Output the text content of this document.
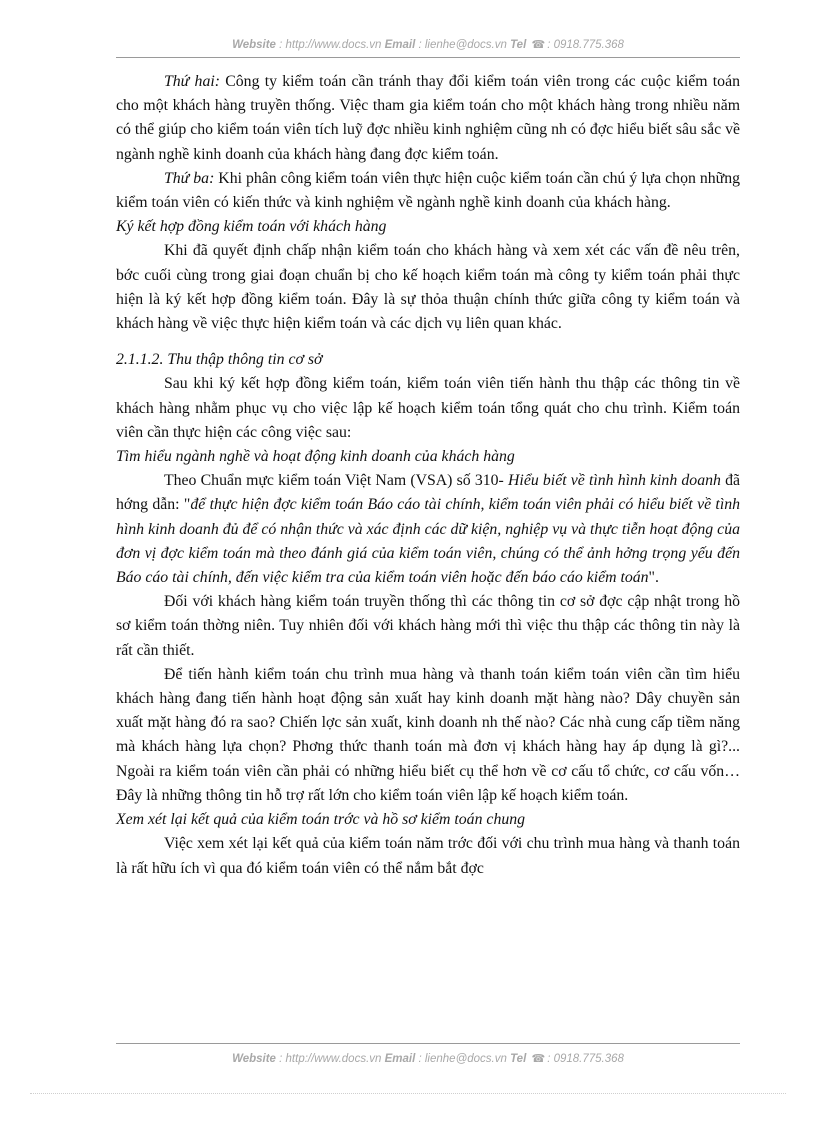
Website : http://www.docs.vn Email : lienhe@docs.vn Tel ☎ : 0918.775.368

Thứ hai: Công ty kiểm toán cần tránh thay đổi kiểm toán viên trong các cuộc kiểm toán cho một khách hàng truyền thống. Việc tham gia kiểm toán cho một khách hàng trong nhiều năm có thể giúp cho kiểm toán viên tích luỹ đợc nhiều kinh nghiệm cũng nh có đợc hiểu biết sâu sắc về ngành nghề kinh doanh của khách hàng đang đợc kiểm toán.

Thứ ba: Khi phân công kiểm toán viên thực hiện cuộc kiểm toán cần chú ý lựa chọn những kiểm toán viên có kiến thức và kinh nghiệm về ngành nghề kinh doanh của khách hàng.

Ký kết hợp đồng kiểm toán với khách hàng

Khi đã quyết định chấp nhận kiểm toán cho khách hàng và xem xét các vấn đề nêu trên, bớc cuối cùng trong giai đoạn chuẩn bị cho kế hoạch kiểm toán mà công ty kiểm toán phải thực hiện là ký kết hợp đồng kiểm toán. Đây là sự thỏa thuận chính thức giữa công ty kiểm toán và khách hàng về việc thực hiện kiểm toán và các dịch vụ liên quan khác.

2.1.1.2. Thu thập thông tin cơ sở

Sau khi ký kết hợp đồng kiểm toán, kiểm toán viên tiến hành thu thập các thông tin về khách hàng nhằm phục vụ cho việc lập kế hoạch kiểm toán tổng quát cho chu trình. Kiểm toán viên cần thực hiện các công việc sau:

Tìm hiểu ngành nghề và hoạt động kinh doanh của khách hàng

Theo Chuẩn mực kiểm toán Việt Nam (VSA) số 310- Hiểu biết về tình hình kinh doanh đã hớng dẫn: "để thực hiện đợc kiểm toán Báo cáo tài chính, kiểm toán viên phải có hiểu biết về tình hình kinh doanh đủ để có nhận thức và xác định các dữ kiện, nghiệp vụ và thực tiễn hoạt động của đơn vị đợc kiểm toán mà theo đánh giá của kiểm toán viên, chúng có thể ảnh hởng trọng yếu đến Báo cáo tài chính, đến việc kiểm tra của kiểm toán viên hoặc đến báo cáo kiểm toán".

Đối với khách hàng kiểm toán truyền thống thì các thông tin cơ sở đợc cập nhật trong hồ sơ kiểm toán thờng niên. Tuy nhiên đối với khách hàng mới thì việc thu thập các thông tin này là rất cần thiết.

Để tiến hành kiểm toán chu trình mua hàng và thanh toán kiểm toán viên cần tìm hiểu khách hàng đang tiến hành hoạt động sản xuất hay kinh doanh mặt hàng nào? Dây chuyền sản xuất mặt hàng đó ra sao? Chiến lợc sản xuất, kinh doanh nh thế nào? Các nhà cung cấp tiềm năng mà khách hàng lựa chọn? Phơng thức thanh toán mà đơn vị khách hàng hay áp dụng là gì?... Ngoài ra kiểm toán viên cần phải có những hiểu biết cụ thể hơn về cơ cấu tổ chức, cơ cấu vốn… Đây là những thông tin hỗ trợ rất lớn cho kiểm toán viên lập kế hoạch kiểm toán.

Xem xét lại kết quả của kiểm toán trớc và hồ sơ kiểm toán chung

Việc xem xét lại kết quả của kiểm toán năm trớc đối với chu trình mua hàng và thanh toán là rất hữu ích vì qua đó kiểm toán viên có thể nắm bắt đợc

Website : http://www.docs.vn Email : lienhe@docs.vn Tel ☎ : 0918.775.368
